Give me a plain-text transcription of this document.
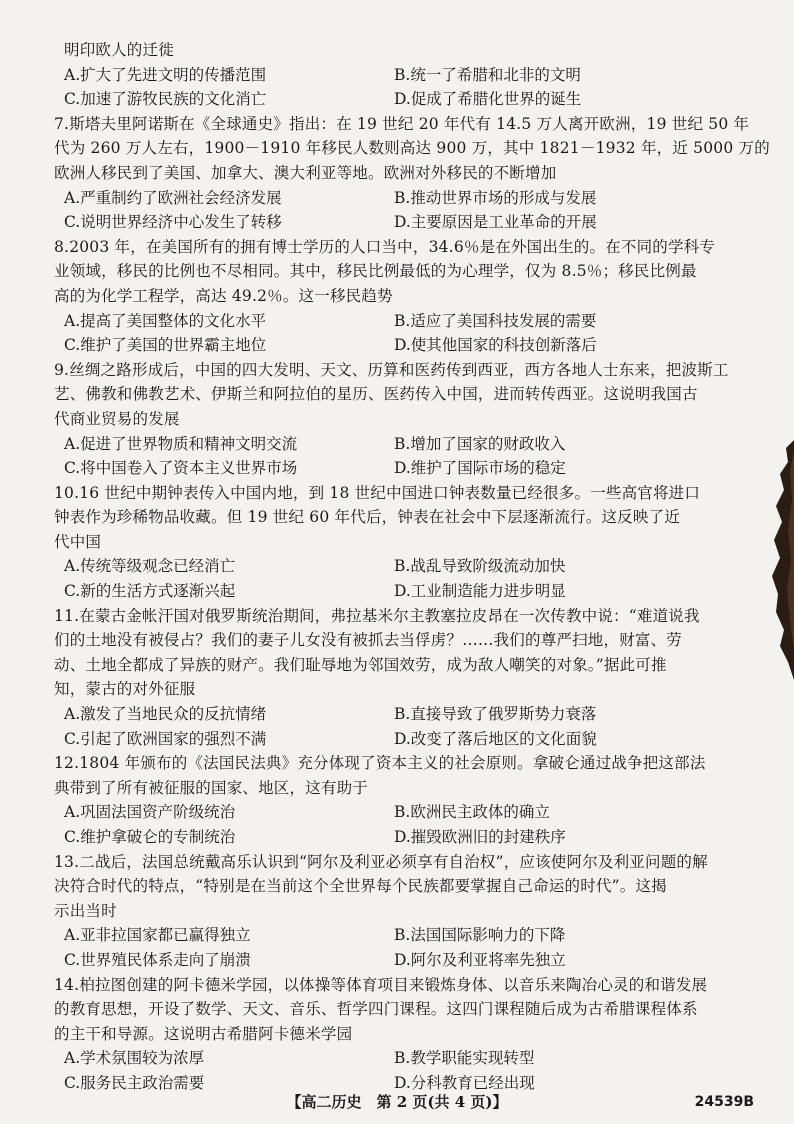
明印欧人的迁徙
A.扩大了先进文明的传播范围	B.统一了希腊和北非的文明
C.加速了游牧民族的文化消亡	D.促成了希腊化世界的诞生
7.斯塔夫里阿诺斯在《全球通史》指出：在 19 世纪 20 年代有 14.5 万人离开欧洲，19 世纪 50 年
代为 260 万人左右，1900－1910 年移民人数则高达 900 万，其中 1821－1932 年，近 5000 万的
欧洲人移民到了美国、加拿大、澳大利亚等地。欧洲对外移民的不断增加
A.严重制约了欧洲社会经济发展	B.推动世界市场的形成与发展
C.说明世界经济中心发生了转移	D.主要原因是工业革命的开展
8.2003 年，在美国所有的拥有博士学历的人口当中，34.6％是在外国出生的。在不同的学科专
业领域，移民的比例也不尽相同。其中，移民比例最低的为心理学，仅为 8.5％；移民比例最
高的为化学工程学，高达 49.2％。这一移民趋势
A.提高了美国整体的文化水平	B.适应了美国科技发展的需要
C.维护了美国的世界霸主地位	D.使其他国家的科技创新落后
9.丝绸之路形成后，中国的四大发明、天文、历算和医药传到西亚，西方各地人士东来，把波斯工
艺、佛教和佛教艺术、伊斯兰和阿拉伯的星历、医药传入中国，进而转传西亚。这说明我国古
代商业贸易的发展
A.促进了世界物质和精神文明交流	B.增加了国家的财政收入
C.将中国卷入了资本主义世界市场	D.维护了国际市场的稳定
10.16 世纪中期钟表传入中国内地，到 18 世纪中国进口钟表数量已经很多。一些高官将进口
钟表作为珍稀物品收藏。但 19 世纪 60 年代后，钟表在社会中下层逐渐流行。这反映了近
代中国
A.传统等级观念已经消亡	B.战乱导致阶级流动加快
C.新的生活方式逐渐兴起	D.工业制造能力进步明显
11.在蒙古金帐汗国对俄罗斯统治期间，弗拉基米尔主教塞拉皮昂在一次传教中说：“难道说我
们的土地没有被侵占？我们的妻子儿女没有被抓去当俘虏？……我们的尊严扫地，财富、劳
动、土地全都成了异族的财产。我们耻辱地为邻国效劳，成为敌人嘲笑的对象。”据此可推
知，蒙古的对外征服
A.激发了当地民众的反抗情绪	B.直接导致了俄罗斯势力衰落
C.引起了欧洲国家的强烈不满	D.改变了落后地区的文化面貌
12.1804 年颁布的《法国民法典》充分体现了资本主义的社会原则。拿破仑通过战争把这部法
典带到了所有被征服的国家、地区，这有助于
A.巩固法国资产阶级统治	B.欧洲民主政体的确立
C.维护拿破仑的专制统治	D.摧毁欧洲旧的封建秩序
13.二战后，法国总统戴高乐认识到“阿尔及利亚必须享有自治权”，应该使阿尔及利亚问题的解
决符合时代的特点，“特别是在当前这个全世界每个民族都要掌握自己命运的时代”。这揭
示出当时
A.亚非拉国家都已赢得独立	B.法国国际影响力的下降
C.世界殖民体系走向了崩溃	D.阿尔及利亚将率先独立
14.柏拉图创建的阿卡德米学园，以体操等体育项目来锻炼身体、以音乐来陶冶心灵的和谐发展
的教育思想，开设了数学、天文、音乐、哲学四门课程。这四门课程随后成为古希腊课程体系
的主干和导源。这说明古希腊阿卡德米学园
A.学术氛围较为浓厚	B.教学职能实现转型
C.服务民主政治需要	D.分科教育已经出现
【高二历史　第 2 页(共 4 页)】	24539B
